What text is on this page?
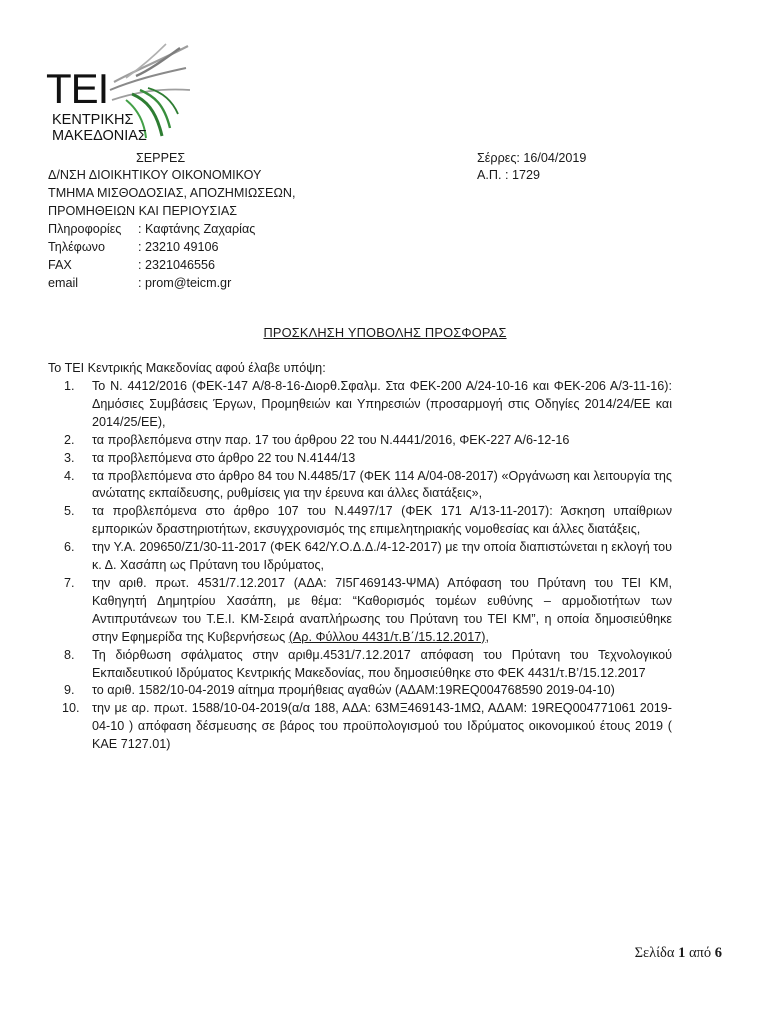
ΤΕΙ
ΚΕΝΤΡΙΚΗΣ
ΜΑΚΕΔΟΝΙΑΣ
ΣΕΡΡΕΣ
Δ/ΝΣΗ ΔΙΟΙΚΗΤΙΚΟΥ ΟΙΚΟΝΟΜΙΚΟΥ
ΤΜΗΜΑ ΜΙΣΘΟΔΟΣΙΑΣ, ΑΠΟΖΗΜΙΩΣΕΩΝ,
ΠΡΟΜΗΘΕΙΩΝ ΚΑΙ ΠΕΡΙΟΥΣΙΑΣ
Πληροφορίες : Καφτάνης Ζαχαρίας
Τηλέφωνο	: 23210 49106
FAX	: 2321046556
email	: prom@teicm.gr
Σέρρες: 16/04/2019
Α.Π. : 1729
ΠΡΟΣΚΛΗΣΗ ΥΠΟΒΟΛΗΣ ΠΡΟΣΦΟΡΑΣ
Το ΤΕΙ Κεντρικής Μακεδονίας αφού έλαβε υπόψη:
1. Το Ν. 4412/2016 (ΦΕΚ-147 Α/8-8-16-Διορθ.Σφαλμ. Στα ΦΕΚ-200 Α/24-10-16 και ΦΕΚ-206 Α/3-11-16): Δημόσιες Συμβάσεις Έργων, Προμηθειών και Υπηρεσιών (προσαρμογή στις Οδηγίες 2014/24/ΕΕ και 2014/25/ΕΕ),
2. τα προβλεπόμενα στην παρ. 17 του άρθρου 22 του Ν.4441/2016, ΦΕΚ-227 Α/6-12-16
3. τα προβλεπόμενα στο άρθρο 22 του Ν.4144/13
4. τα προβλεπόμενα στο άρθρο 84 του Ν.4485/17 (ΦΕΚ 114 Α/04-08-2017) «Οργάνωση και λειτουργία της ανώτατης εκπαίδευσης, ρυθμίσεις για την έρευνα και άλλες διατάξεις»,
5. τα προβλεπόμενα στο άρθρο 107 του Ν.4497/17 (ΦΕΚ 171 Α/13-11-2017): Άσκηση υπαίθριων εμπορικών δραστηριοτήτων, εκσυγχρονισμός της επιμελητηριακής νομοθεσίας και άλλες διατάξεις,
6. την Υ.Α. 209650/Ζ1/30-11-2017 (ΦΕΚ 642/Υ.Ο.Δ.Δ./4-12-2017) με την οποία διαπιστώνεται η εκλογή του κ. Δ. Χασάπη ως Πρύτανη του Ιδρύματος,
7. την αριθ. πρωτ. 4531/7.12.2017 (ΑΔΑ: 7Ι5Γ469143-ΨΜΑ) Απόφαση του Πρύτανη του ΤΕΙ ΚΜ, Καθηγητή Δημητρίου Χασάπη, με θέμα: “Καθορισμός τομέων ευθύνης – αρμοδιοτήτων των Αντιπρυτάνεων του Τ.Ε.Ι. ΚΜ-Σειρά αναπλήρωσης του Πρύτανη του ΤΕΙ ΚΜ”, η οποία δημοσιεύθηκε στην Εφημερίδα της Κυβερνήσεως (Αρ. Φύλλου 4431/τ.Β΄/15.12.2017),
8. Τη διόρθωση σφάλματος στην αριθμ.4531/7.12.2017 απόφαση του Πρύτανη του Τεχνολογικού Εκπαιδευτικού Ιδρύματος Κεντρικής Μακεδονίας, που δημοσιεύθηκε στο ΦΕΚ 4431/τ.Β’/15.12.2017
9. το αριθ. 1582/10-04-2019 αίτημα προμήθειας αγαθών (ΑΔΑΜ:19REQ004768590 2019-04-10)
10. την με αρ. πρωτ. 1588/10-04-2019(α/α 188, ΑΔΑ: 63ΜΞ469143-1ΜΩ, ΑΔΑΜ: 19REQ004771061 2019-04-10 ) απόφαση δέσμευσης σε βάρος του προϋπολογισμού του Ιδρύματος οικονομικού έτους 2019 ( ΚΑΕ 7127.01)
Σελίδα 1 από 6
